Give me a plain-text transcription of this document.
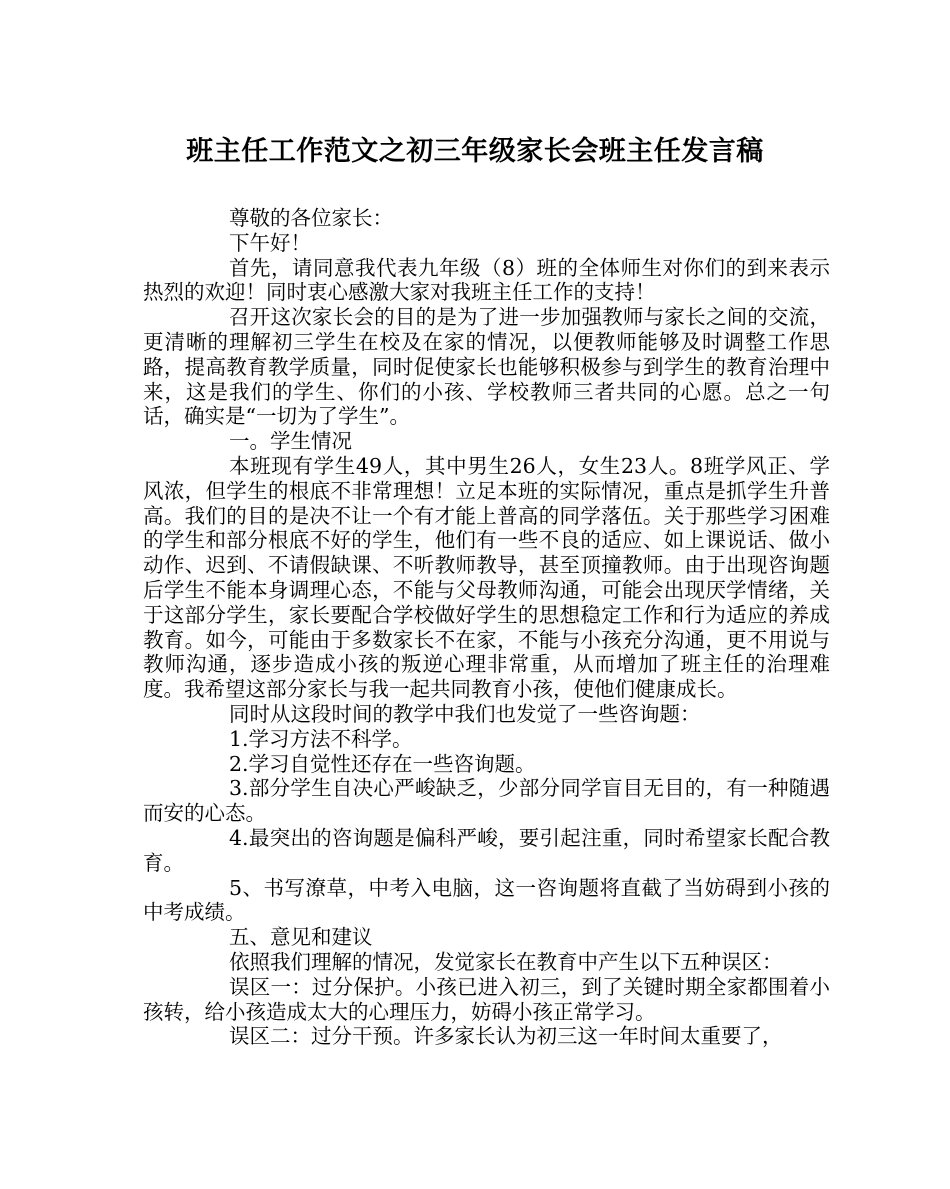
班主任工作范文之初三年级家长会班主任发言稿

尊敬的各位家长：

下午好！

首先，请同意我代表九年级（8）班的全体师生对你们的到来表示热烈的欢迎！同时衷心感激大家对我班主任工作的支持！

召开这次家长会的目的是为了进一步加强教师与家长之间的交流，更清晰的理解初三学生在校及在家的情况，以便教师能够及时调整工作思路，提高教育教学质量，同时促使家长也能够积极参与到学生的教育治理中来，这是我们的学生、你们的小孩、学校教师三者共同的心愿。总之一句话，确实是“一切为了学生”。

一。学生情况

本班现有学生49人，其中男生26人，女生23人。8班学风正、学风浓，但学生的根底不非常理想！立足本班的实际情况，重点是抓学生升普高。我们的目的是决不让一个有才能上普高的同学落伍。关于那些学习困难的学生和部分根底不好的学生，他们有一些不良的适应、如上课说话、做小动作、迟到、不请假缺课、不听教师教导，甚至顶撞教师。由于出现咨询题后学生不能本身调理心态，不能与父母教师沟通，可能会出现厌学情绪，关于这部分学生，家长要配合学校做好学生的思想稳定工作和行为适应的养成教育。如今，可能由于多数家长不在家，不能与小孩充分沟通，更不用说与教师沟通，逐步造成小孩的叛逆心理非常重，从而增加了班主任的治理难度。我希望这部分家长与我一起共同教育小孩，使他们健康成长。

同时从这段时间的教学中我们也发觉了一些咨询题：

1.学习方法不科学。

2.学习自觉性还存在一些咨询题。

3.部分学生自决心严峻缺乏，少部分同学盲目无目的，有一种随遇而安的心态。

4.最突出的咨询题是偏科严峻，要引起注重，同时希望家长配合教育。

5、书写潦草，中考入电脑，这一咨询题将直截了当妨碍到小孩的中考成绩。

五、意见和建议

依照我们理解的情况，发觉家长在教育中产生以下五种误区：

误区一：过分保护。小孩已进入初三，到了关键时期全家都围着小孩转，给小孩造成太大的心理压力，妨碍小孩正常学习。

误区二：过分干预。许多家长认为初三这一年时间太重要了，
